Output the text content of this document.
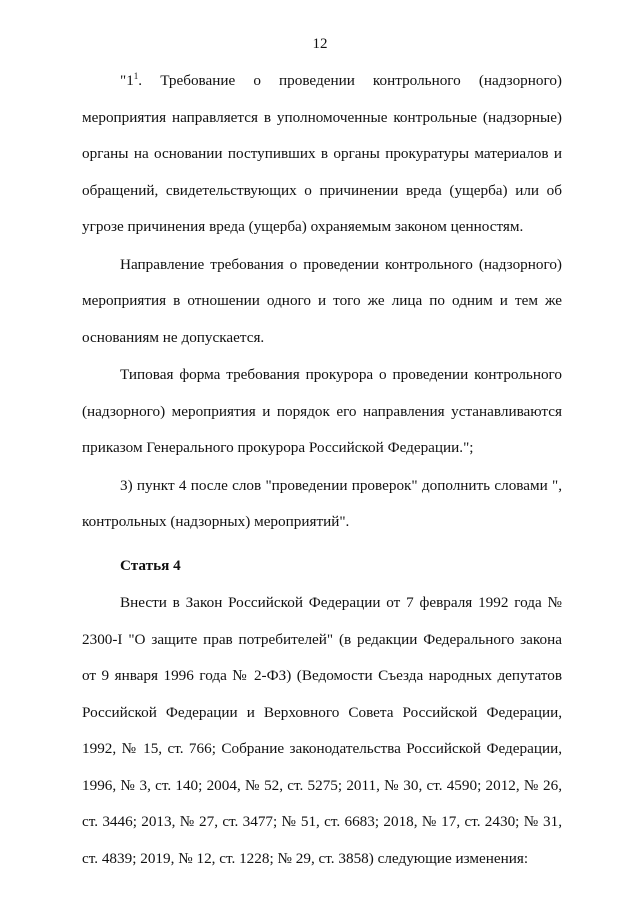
12

"$1^1$. Требование о проведении контрольного (надзорного) мероприятия направляется в уполномоченные контрольные (надзорные) органы на основании поступивших в органы прокуратуры материалов и обращений, свидетельствующих о причинении вреда (ущерба) или об угрозе причинения вреда (ущерба) охраняемым законом ценностям.

Направление требования о проведении контрольного (надзорного) мероприятия в отношении одного и того же лица по одним и тем же основаниям не допускается.

Типовая форма требования прокурора о проведении контрольного (надзорного) мероприятия и порядок его направления устанавливаются приказом Генерального прокурора Российской Федерации.";

3) пункт 4 после слов "проведении проверок" дополнить словами ", контрольных (надзорных) мероприятий".

Статья 4

Внести в Закон Российской Федерации от 7 февраля 1992 года № 2300-I "О защите прав потребителей" (в редакции Федерального закона от 9 января 1996 года № 2-ФЗ) (Ведомости Съезда народных депутатов Российской Федерации и Верховного Совета Российской Федерации, 1992, № 15, ст. 766; Собрание законодательства Российской Федерации, 1996, № 3, ст. 140; 2004, № 52, ст. 5275; 2011, № 30, ст. 4590; 2012, № 26, ст. 3446; 2013, № 27, ст. 3477; № 51, ст. 6683; 2018, № 17, ст. 2430; № 31, ст. 4839; 2019, № 12, ст. 1228; № 29, ст. 3858) следующие изменения:
